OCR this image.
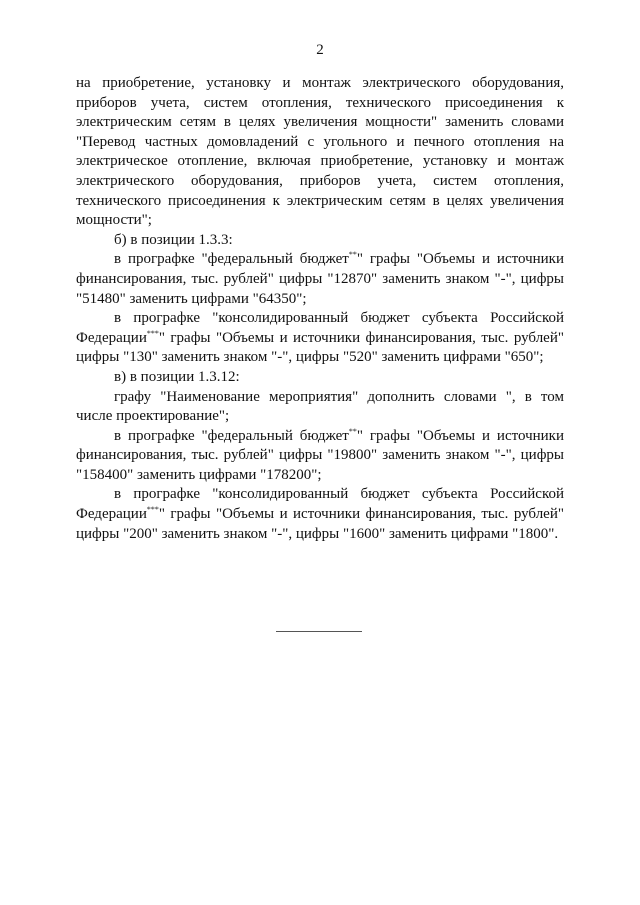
2

на приобретение, установку и монтаж электрического оборудования, приборов учета, систем отопления, технического присоединения к электрическим сетям в целях увеличения мощности" заменить словами "Перевод частных домовладений с угольного и печного отопления на электрическое отопление, включая приобретение, установку и монтаж электрического оборудования, приборов учета, систем отопления, технического присоединения к электрическим сетям в целях увеличения мощности";

б) в позиции 1.3.3:

в прографке "федеральный бюджет**" графы "Объемы и источники финансирования, тыс. рублей" цифры "12870" заменить знаком "-", цифры "51480" заменить цифрами "64350";

в прографке "консолидированный бюджет субъекта Российской Федерации***" графы "Объемы и источники финансирования, тыс. рублей" цифры "130" заменить знаком "-", цифры "520" заменить цифрами "650";

в) в позиции 1.3.12:

графу "Наименование мероприятия" дополнить словами ", в том числе проектирование";

в прографке "федеральный бюджет**" графы "Объемы и источники финансирования, тыс. рублей" цифры "19800" заменить знаком "-", цифры "158400" заменить цифрами "178200";

в прографке "консолидированный бюджет субъекта Российской Федерации***" графы "Объемы и источники финансирования, тыс. рублей" цифры "200" заменить знаком "-", цифры "1600" заменить цифрами "1800".
